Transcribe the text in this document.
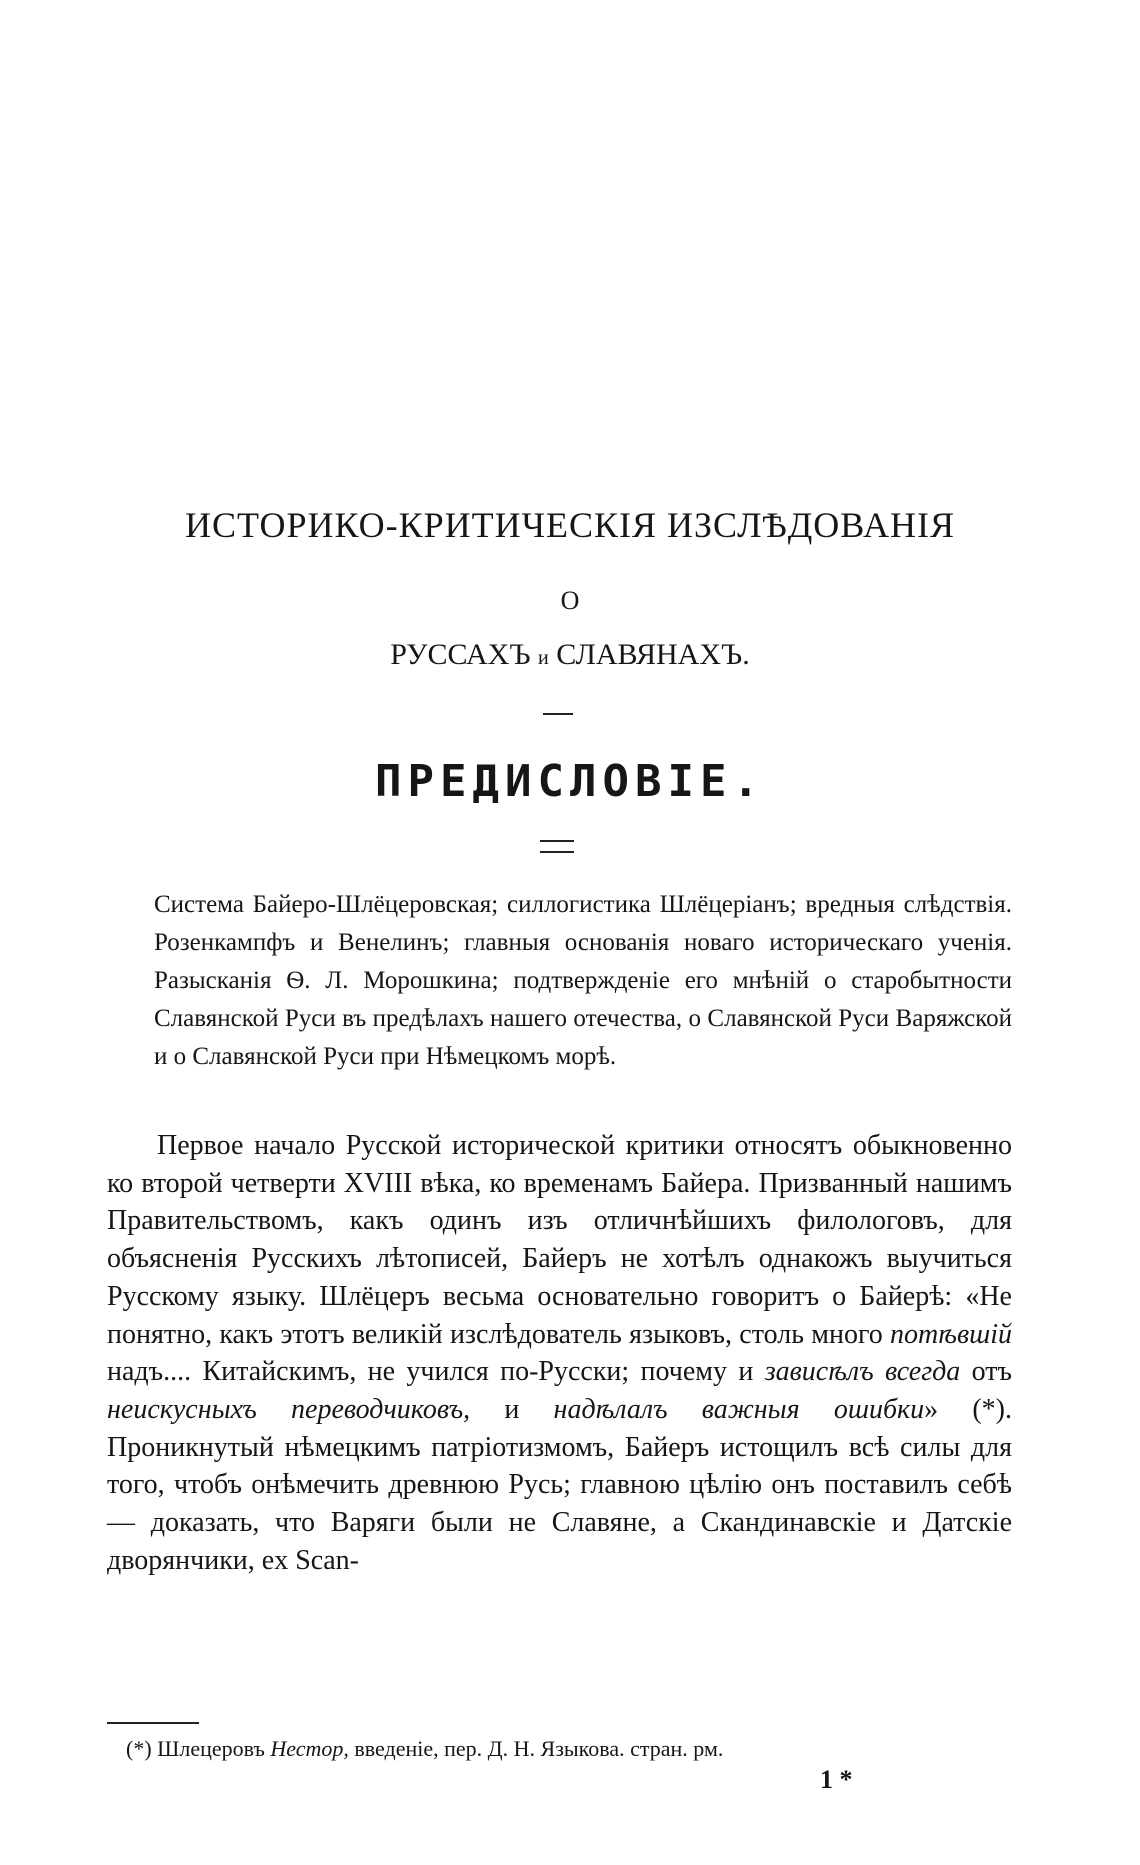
ИСТОРИКО-КРИТИЧЕСКІЯ ИЗСЛѢДОВАНІЯ
О
РУССАХЪ и СЛАВЯНАХЪ.
ПРЕДИСЛОВІЕ.
Система Байеро-Шлёцеровская; силлогистика Шлёцеріанъ; вредныя слѣдствія. Розенкампфъ и Венелинъ; главныя основанія новаго историческаго ученія. Разысканія Ѳ. Л. Морошкина; подтвержденіе его мнѣній о старобытности Славянской Руси въ предѣлахъ нашего отечества, о Славянской Руси Варяжской и о Славянской Руси при Нѣмецкомъ морѣ.
Первое начало Русской исторической критики относятъ обыкновенно ко второй четверти XVIII вѣка, ко временамъ Байера. Призванный нашимъ Правительствомъ, какъ одинъ изъ отличнѣйшихъ филологовъ, для объясненія Русскихъ лѣтописей, Байеръ не хотѣлъ однакожъ выучиться Русскому языку. Шлёцеръ весьма основательно говоритъ о Байерѣ: «Не понятно, какъ этотъ великій изслѣдователь языковъ, столь много потѣвшій надъ.... Китайскимъ, не учился по-Русски; почему и зависѣлъ всегда отъ неискусныхъ переводчиковъ, и надѣлалъ важныя ошибки» (*). Проникнутый нѣмецкимъ патріотизмомъ, Байеръ истощилъ всѣ силы для того, чтобъ онѣмечить древнюю Русь; главною цѣлію онъ поставилъ себѣ — доказать, что Варяги были не Славяне, а Скандинавскіе и Датскіе дворянчики, ex Scan-
(*) Шлецеровъ Нестор, введеніе, пер. Д. Н. Языкова. стран. рм.
1 *
